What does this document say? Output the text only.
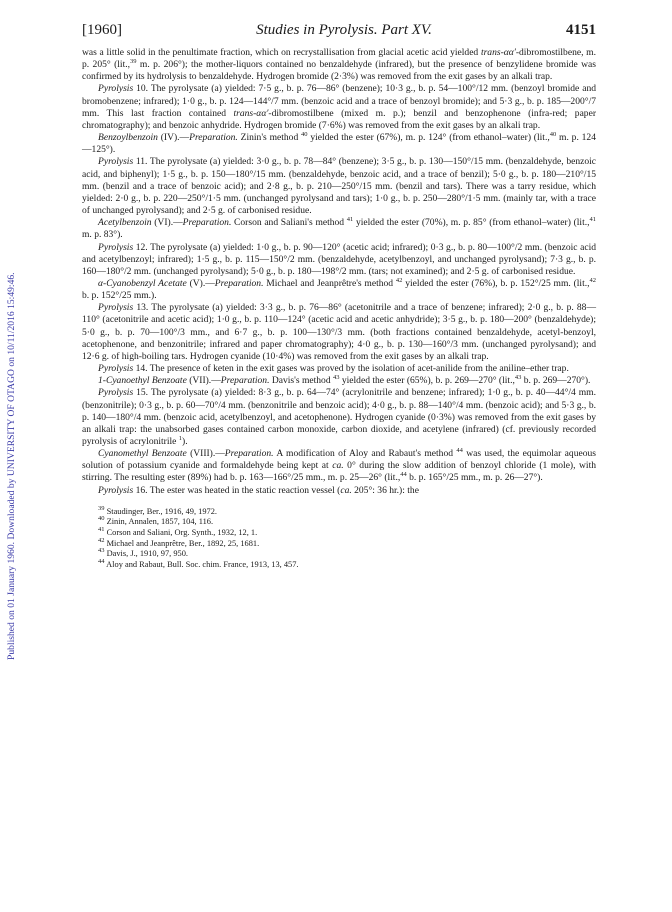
Published on 01 January 1960. Downloaded by UNIVERSITY OF OTAGO on 10/11/2016 15:49:46.
[1960]	Studies in Pyrolysis. Part XV.	4151

was a little solid in the penultimate fraction, which on recrystallisation from glacial acetic acid yielded trans-αα′-dibromostilbene, m. p. 205° (lit.,$^{39}$ m. p. 206°); the mother-liquors contained no benzaldehyde (infrared), but the presence of benzylidene bromide was confirmed by its hydrolysis to benzaldehyde. Hydrogen bromide (2·3%) was removed from the exit gases by an alkali trap.

Pyrolysis 10. The pyrolysate (a) yielded: 7·5 g., b. p. 76—86° (benzene); 10·3 g., b. p. 54—100°/12 mm. (benzoyl bromide and bromobenzene; infrared); 1·0 g., b. p. 124—144°/7 mm. (benzoic acid and a trace of benzoyl bromide); and 5·3 g., b. p. 185—200°/7 mm. This last fraction contained trans-αα′-dibromostilbene (mixed m. p.); benzil and benzophenone (infra-red; paper chromatography); and benzoic anhydride. Hydrogen bromide (7·6%) was removed from the exit gases by an alkali trap.

Benzoylbenzoin (IV).—Preparation. Zinin's method $^{40}$ yielded the ester (67%), m. p. 124° (from ethanol–water) (lit.,$^{40}$ m. p. 124—125°).

Pyrolysis 11. The pyrolysate (a) yielded: 3·0 g., b. p. 78—84° (benzene); 3·5 g., b. p. 130—150°/15 mm. (benzaldehyde, benzoic acid, and biphenyl); 1·5 g., b. p. 150—180°/15 mm. (benzaldehyde, benzoic acid, and a trace of benzil); 5·0 g., b. p. 180—210°/15 mm. (benzil and a trace of benzoic acid); and 2·8 g., b. p. 210—250°/15 mm. (benzil and tars). There was a tarry residue, which yielded: 2·0 g., b. p. 220—250°/1·5 mm. (unchanged pyrolysand and tars); 1·0 g., b. p. 250—280°/1·5 mm. (mainly tar, with a trace of unchanged pyrolysand); and 2·5 g. of carbonised residue.

Acetylbenzoin (VI).—Preparation. Corson and Saliani's method $^{41}$ yielded the ester (70%), m. p. 85° (from ethanol–water) (lit.,$^{41}$ m. p. 83°).

Pyrolysis 12. The pyrolysate (a) yielded: 1·0 g., b. p. 90—120° (acetic acid; infrared); 0·3 g., b. p. 80—100°/2 mm. (benzoic acid and acetylbenzoyl; infrared); 1·5 g., b. p. 115—150°/2 mm. (benzaldehyde, acetylbenzoyl, and unchanged pyrolysand); 7·3 g., b. p. 160—180°/2 mm. (unchanged pyrolysand); 5·0 g., b. p. 180—198°/2 mm. (tars; not examined); and 2·5 g. of carbonised residue.

α-Cyanobenzyl Acetate (V).—Preparation. Michael and Jeanprêtre's method $^{42}$ yielded the ester (76%), b. p. 152°/25 mm. (lit.,$^{42}$ b. p. 152°/25 mm.).

Pyrolysis 13. The pyrolysate (a) yielded: 3·3 g., b. p. 76—86° (acetonitrile and a trace of benzene; infrared); 2·0 g., b. p. 88—110° (acetonitrile and acetic acid); 1·0 g., b. p. 110—124° (acetic acid and acetic anhydride); 3·5 g., b. p. 180—200° (benzaldehyde); 5·0 g., b. p. 70—100°/3 mm., and 6·7 g., b. p. 100—130°/3 mm. (both fractions contained benzaldehyde, acetyl-benzoyl, acetophenone, and benzonitrile; infrared and paper chromatography); 4·0 g., b. p. 130—160°/3 mm. (unchanged pyrolysand); and 12·6 g. of high-boiling tars. Hydrogen cyanide (10·4%) was removed from the exit gases by an alkali trap.

Pyrolysis 14. The presence of keten in the exit gases was proved by the isolation of acet-anilide from the aniline–ether trap.

1-Cyanoethyl Benzoate (VII).—Preparation. Davis's method $^{43}$ yielded the ester (65%), b. p. 269—270° (lit.,$^{43}$ b. p. 269—270°).

Pyrolysis 15. The pyrolysate (a) yielded: 8·3 g., b. p. 64—74° (acrylonitrile and benzene; infrared); 1·0 g., b. p. 40—44°/4 mm. (benzonitrile); 0·3 g., b. p. 60—70°/4 mm. (benzonitrile and benzoic acid); 4·0 g., b. p. 88—140°/4 mm. (benzoic acid); and 5·3 g., b. p. 140—180°/4 mm. (benzoic acid, acetylbenzoyl, and acetophenone). Hydrogen cyanide (0·3%) was removed from the exit gases by an alkali trap: the unabsorbed gases contained carbon monoxide, carbon dioxide, and acetylene (infrared) (cf. previously recorded pyrolysis of acrylonitrile $^1$).

Cyanomethyl Benzoate (VIII).—Preparation. A modification of Aloy and Rabaut's method $^{44}$ was used, the equimolar aqueous solution of potassium cyanide and formaldehyde being kept at ca. 0° during the slow addition of benzoyl chloride (1 mole), with stirring. The resulting ester (89%) had b. p. 163—166°/25 mm., m. p. 25—26° (lit.,$^{44}$ b. p. 165°/25 mm., m. p. 26—27°).

Pyrolysis 16. The ester was heated in the static reaction vessel (ca. 205°: 36 hr.): the

$^{39}$ Staudinger, Ber., 1916, 49, 1972.
$^{40}$ Zinin, Annalen, 1857, 104, 116.
$^{41}$ Corson and Saliani, Org. Synth., 1932, 12, 1.
$^{42}$ Michael and Jeanprêtre, Ber., 1892, 25, 1681.
$^{43}$ Davis, J., 1910, 97, 950.
$^{44}$ Aloy and Rabaut, Bull. Soc. chim. France, 1913, 13, 457.
